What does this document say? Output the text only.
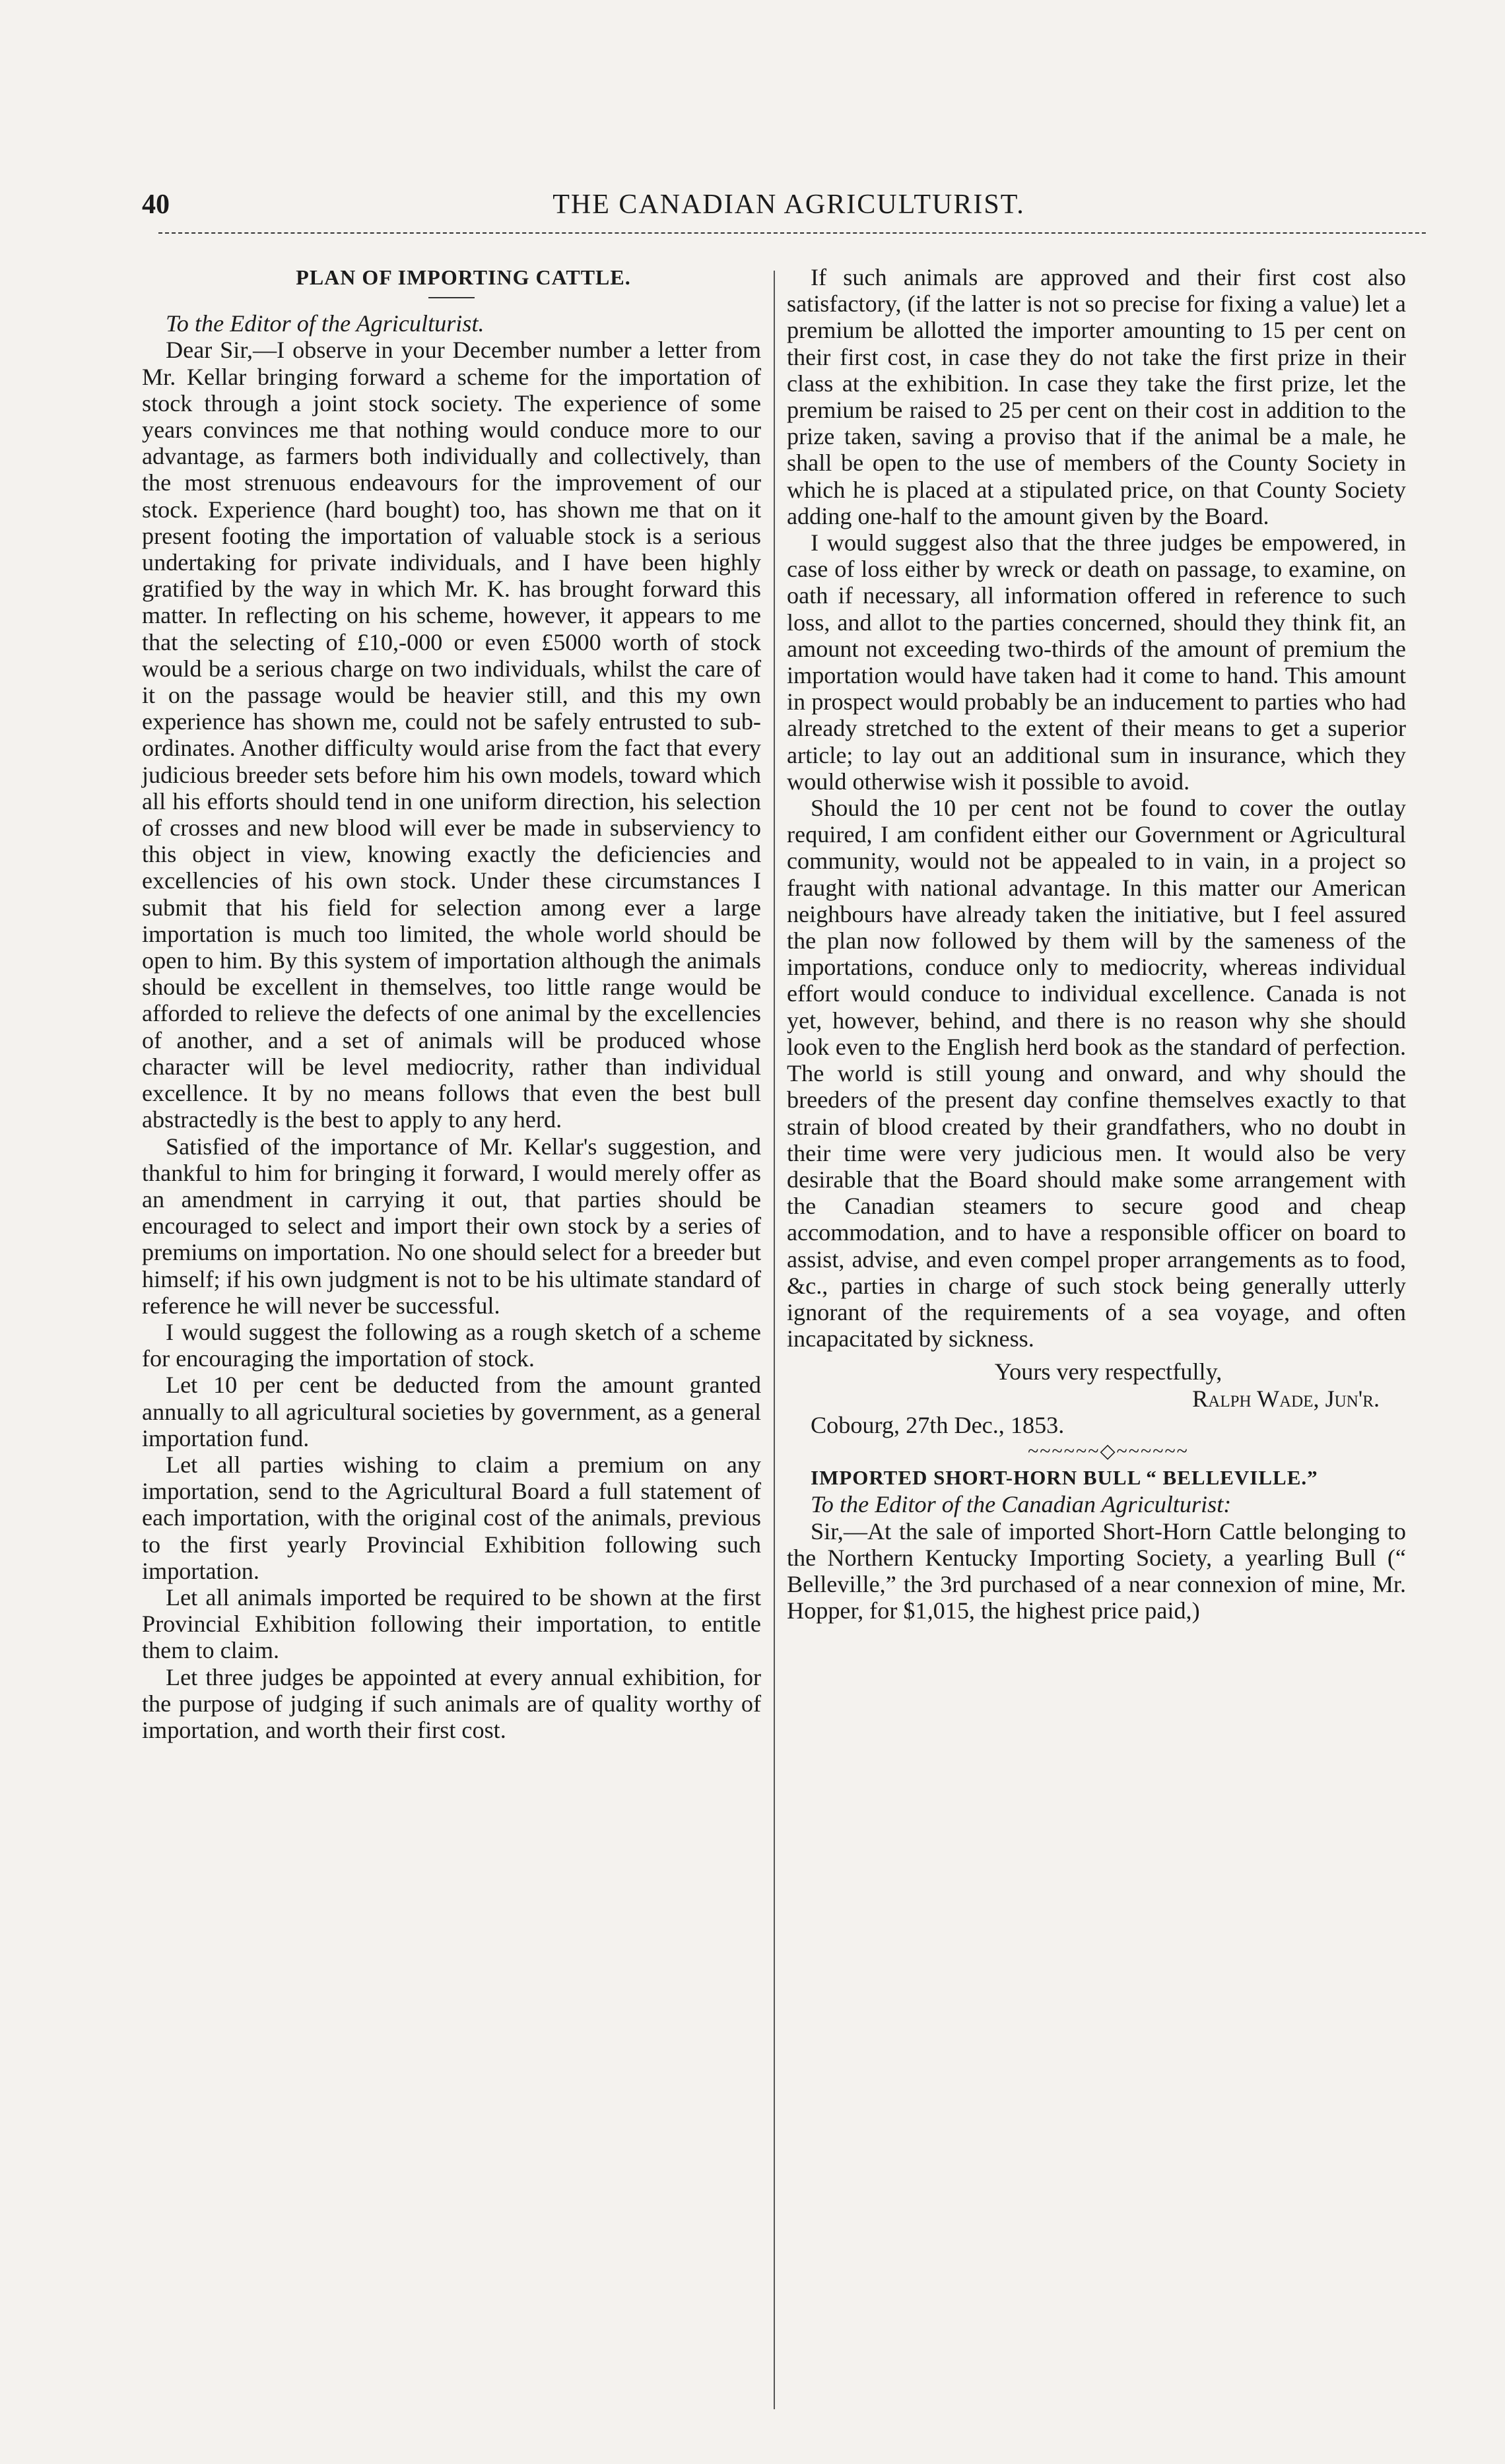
40	THE CANADIAN AGRICULTURIST.

PLAN OF IMPORTING CATTLE.

To the Editor of the Agriculturist.

Dear Sir,—I observe in your December number a letter from Mr. Kellar bringing forward a scheme for the importation of stock through a joint stock society. The experience of some years convinces me that nothing would conduce more to our advantage, as farmers both individually and collectively, than the most strenuous endeavours for the improvement of our stock. Experience (hard bought) too, has shown me that on it present footing the importation of valuable stock is a serious undertaking for private individuals, and I have been highly gratified by the way in which Mr. K. has brought forward this matter. In reflecting on his scheme, however, it appears to me that the selecting of £10,-000 or even £5000 worth of stock would be a serious charge on two individuals, whilst the care of it on the passage would be heavier still, and this my own experience has shown me, could not be safely entrusted to sub-ordinates. Another difficulty would arise from the fact that every judicious breeder sets before him his own models, toward which all his efforts should tend in one uniform direction, his selection of crosses and new blood will ever be made in subserviency to this object in view, knowing exactly the deficiencies and excellencies of his own stock. Under these circumstances I submit that his field for selection among ever a large importation is much too limited, the whole world should be open to him. By this system of importation although the animals should be excellent in themselves, too little range would be afforded to relieve the defects of one animal by the excellencies of another, and a set of animals will be produced whose character will be level mediocrity, rather than individual excellence. It by no means follows that even the best bull abstractedly is the best to apply to any herd.

Satisfied of the importance of Mr. Kellar's suggestion, and thankful to him for bringing it forward, I would merely offer as an amendment in carrying it out, that parties should be encouraged to select and import their own stock by a series of premiums on importation. No one should select for a breeder but himself; if his own judgment is not to be his ultimate standard of reference he will never be successful.

I would suggest the following as a rough sketch of a scheme for encouraging the importation of stock.

Let 10 per cent be deducted from the amount granted annually to all agricultural societies by government, as a general importation fund.

Let all parties wishing to claim a premium on any importation, send to the Agricultural Board a full statement of each importation, with the original cost of the animals, previous to the first yearly Provincial Exhibition following such importation.

Let all animals imported be required to be shown at the first Provincial Exhibition following their importation, to entitle them to claim.

Let three judges be appointed at every annual exhibition, for the purpose of judging if such animals are of quality worthy of importation, and worth their first cost.

If such animals are approved and their first cost also satisfactory, (if the latter is not so precise for fixing a value) let a premium be allotted the importer amounting to 15 per cent on their first cost, in case they do not take the first prize in their class at the exhibition. In case they take the first prize, let the premium be raised to 25 per cent on their cost in addition to the prize taken, saving a proviso that if the animal be a male, he shall be open to the use of members of the County Society in which he is placed at a stipulated price, on that County Society adding one-half to the amount given by the Board.

I would suggest also that the three judges be empowered, in case of loss either by wreck or death on passage, to examine, on oath if necessary, all information offered in reference to such loss, and allot to the parties concerned, should they think fit, an amount not exceeding two-thirds of the amount of premium the importation would have taken had it come to hand. This amount in prospect would probably be an inducement to parties who had already stretched to the extent of their means to get a superior article; to lay out an additional sum in insurance, which they would otherwise wish it possible to avoid.

Should the 10 per cent not be found to cover the outlay required, I am confident either our Government or Agricultural community, would not be appealed to in vain, in a project so fraught with national advantage. In this matter our American neighbours have already taken the initiative, but I feel assured the plan now followed by them will by the sameness of the importations, conduce only to mediocrity, whereas individual effort would conduce to individual excellence. Canada is not yet, however, behind, and there is no reason why she should look even to the English herd book as the standard of perfection. The world is still young and onward, and why should the breeders of the present day confine themselves exactly to that strain of blood created by their grandfathers, who no doubt in their time were very judicious men. It would also be very desirable that the Board should make some arrangement with the Canadian steamers to secure good and cheap accommodation, and to have a responsible officer on board to assist, advise, and even compel proper arrangements as to food, &c., parties in charge of such stock being generally utterly ignorant of the requirements of a sea voyage, and often incapacitated by sickness.

Yours very respectfully,

Ralph Wade, Jun'r.

Cobourg, 27th Dec., 1853.

~~~~~~◇~~~~~~

IMPORTED SHORT-HORN BULL “ BELLEVILLE.”

To the Editor of the Canadian Agriculturist:

Sir,—At the sale of imported Short-Horn Cattle belonging to the Northern Kentucky Importing Society, a yearling Bull (“ Belleville,” the 3rd purchased of a near connexion of mine, Mr. Hopper, for $1,015, the highest price paid,)
